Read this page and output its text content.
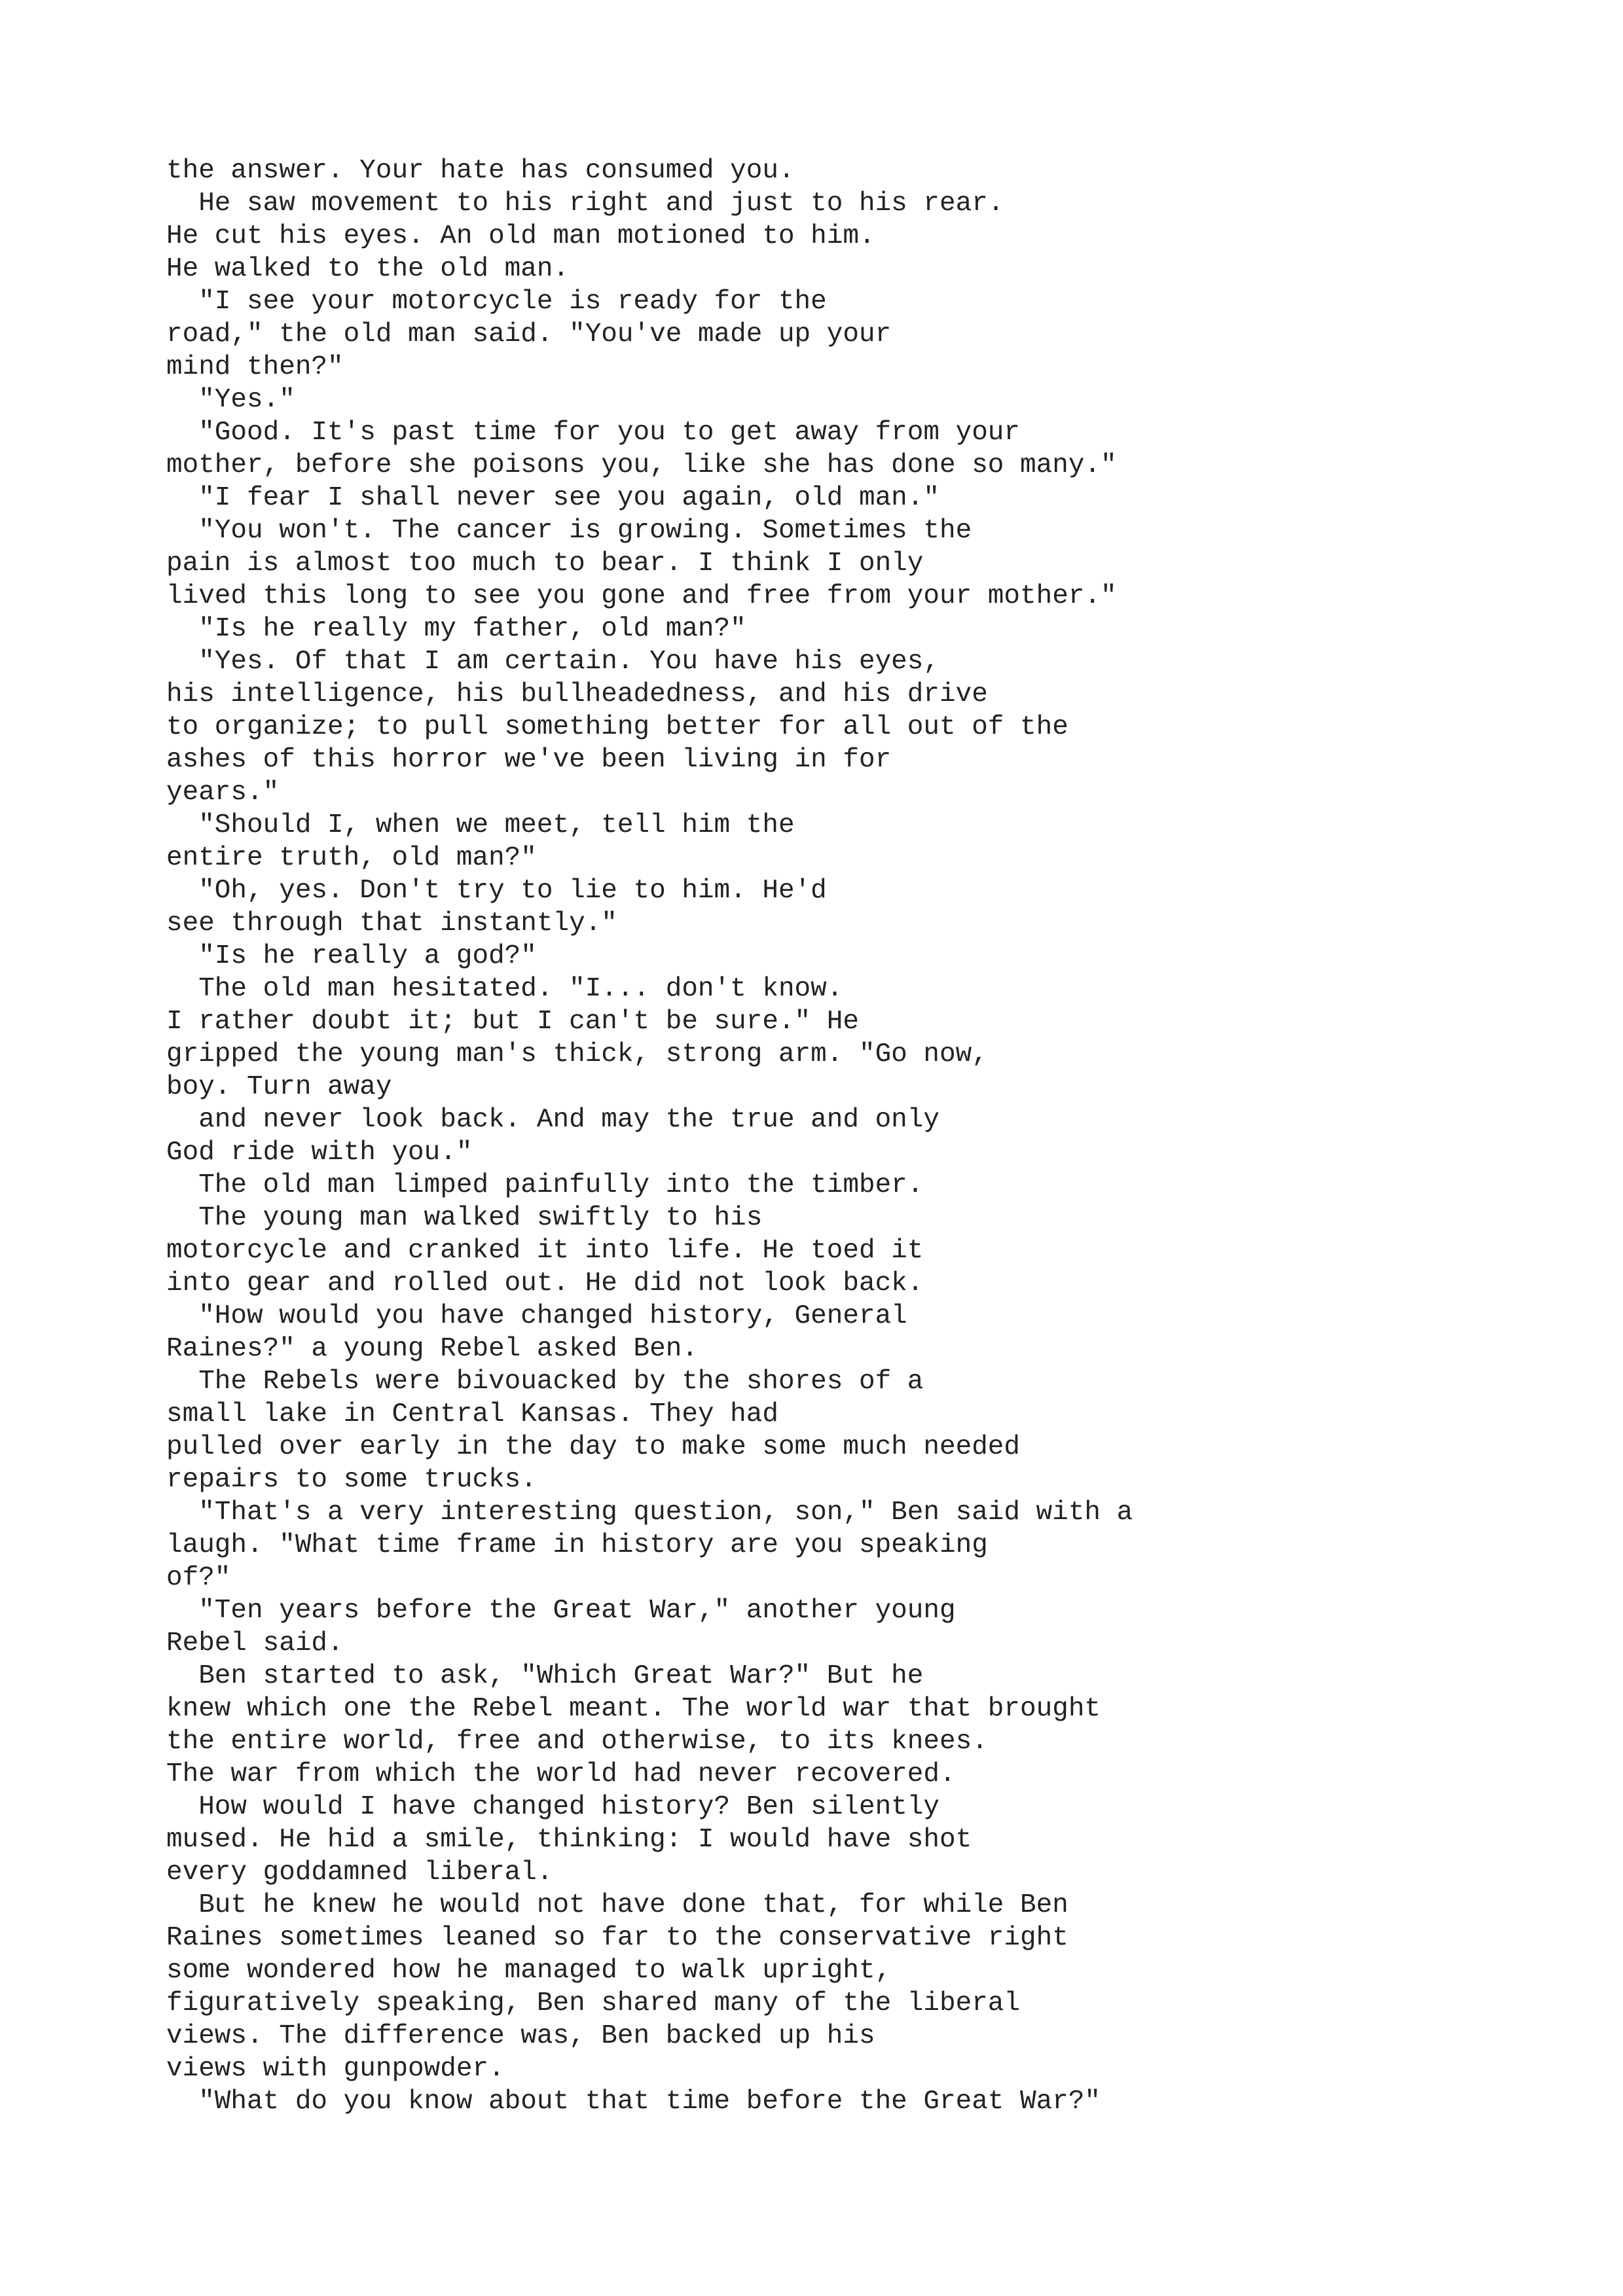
the answer. Your hate has consumed you.
He saw movement to his right and just to his rear.
He cut his eyes. An old man motioned to him.
He walked to the old man.
"I see your motorcycle is ready for the
road," the old man said. "You've made up your
mind then?"
"Yes."
"Good. It's past time for you to get away from your
mother, before she poisons you, like she has done so many."
"I fear I shall never see you again, old man."
"You won't. The cancer is growing. Sometimes the
pain is almost too much to bear. I think I only
lived this long to see you gone and free from your mother."
"Is he really my father, old man?"
"Yes. Of that I am certain. You have his eyes,
his intelligence, his bullheadedness, and his drive
to organize; to pull something better for all out of the
ashes of this horror we've been living in for
years."
"Should I, when we meet, tell him the
entire truth, old man?"
"Oh, yes. Don't try to lie to him. He'd
see through that instantly."
"Is he really a god?"
The old man hesitated. "I... don't know.
I rather doubt it; but I can't be sure." He
gripped the young man's thick, strong arm. "Go now,
boy. Turn away
and never look back. And may the true and only
God ride with you."
The old man limped painfully into the timber.
The young man walked swiftly to his
motorcycle and cranked it into life. He toed it
into gear and rolled out. He did not look back.
"How would you have changed history, General
Raines?" a young Rebel asked Ben.
The Rebels were bivouacked by the shores of a
small lake in Central Kansas. They had
pulled over early in the day to make some much needed
repairs to some trucks.
"That's a very interesting question, son," Ben said with a
laugh. "What time frame in history are you speaking
of?"
"Ten years before the Great War," another young
Rebel said.
Ben started to ask, "Which Great War?" But he
knew which one the Rebel meant. The world war that brought
the entire world, free and otherwise, to its knees.
The war from which the world had never recovered.
How would I have changed history? Ben silently
mused. He hid a smile, thinking: I would have shot
every goddamned liberal.
But he knew he would not have done that, for while Ben
Raines sometimes leaned so far to the conservative right
some wondered how he managed to walk upright,
figuratively speaking, Ben shared many of the liberal
views. The difference was, Ben backed up his
views with gunpowder.
"What do you know about that time before the Great War?"
